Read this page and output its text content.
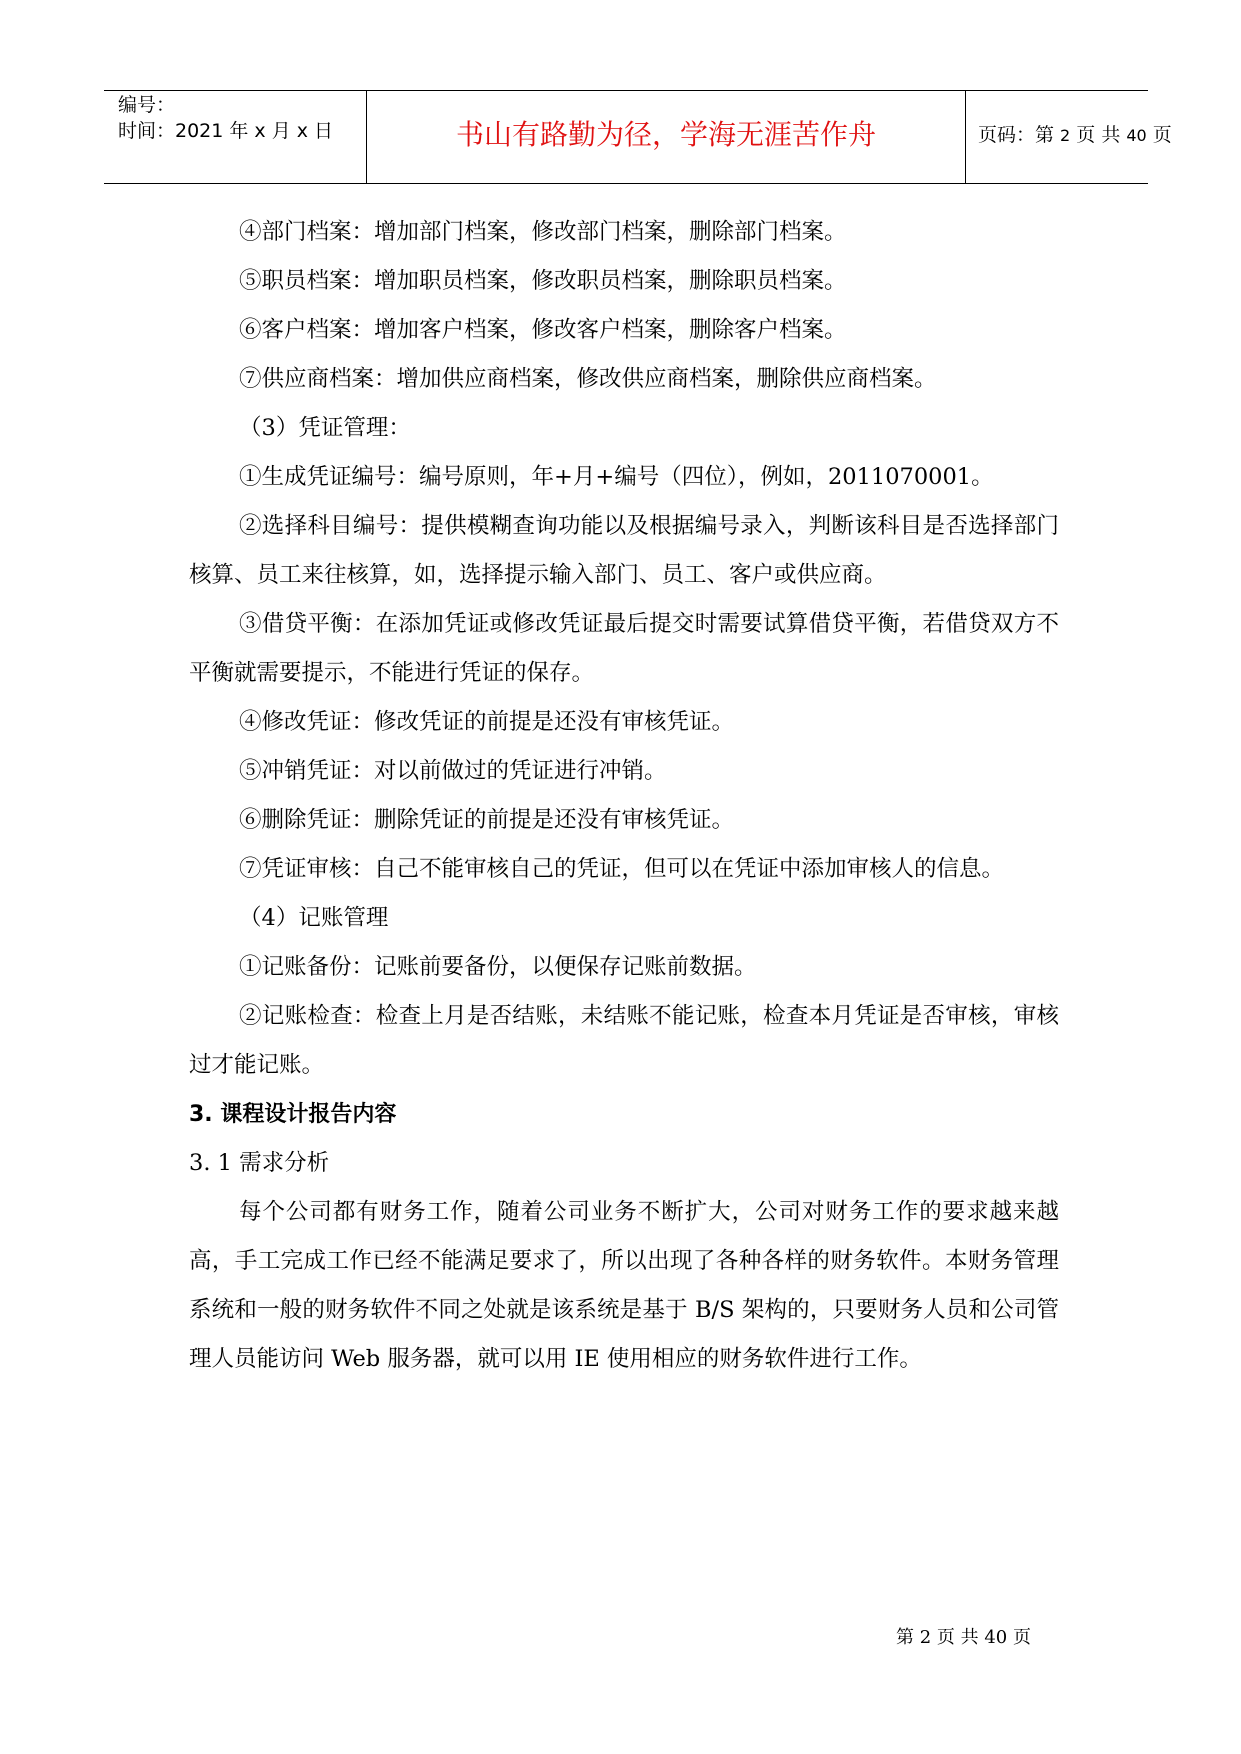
编号：
时间：2021 年 x 月 x 日	书山有路勤为径，学海无涯苦作舟	页码：第 2 页 共 40 页

④部门档案：增加部门档案，修改部门档案，删除部门档案。

⑤职员档案：增加职员档案，修改职员档案，删除职员档案。

⑥客户档案：增加客户档案，修改客户档案，删除客户档案。

⑦供应商档案：增加供应商档案，修改供应商档案，删除供应商档案。

（3）凭证管理：

①生成凭证编号：编号原则，年+月+编号（四位），例如，2011070001。

②选择科目编号：提供模糊查询功能以及根据编号录入，判断该科目是否选择部门核算、员工来往核算，如，选择提示输入部门、员工、客户或供应商。

③借贷平衡：在添加凭证或修改凭证最后提交时需要试算借贷平衡，若借贷双方不平衡就需要提示，不能进行凭证的保存。

④修改凭证：修改凭证的前提是还没有审核凭证。

⑤冲销凭证：对以前做过的凭证进行冲销。

⑥删除凭证：删除凭证的前提是还没有审核凭证。

⑦凭证审核：自己不能审核自己的凭证，但可以在凭证中添加审核人的信息。

（4）记账管理

①记账备份：记账前要备份，以便保存记账前数据。

②记账检查：检查上月是否结账，未结账不能记账，检查本月凭证是否审核，审核过才能记账。

3. 课程设计报告内容

3. 1 需求分析

每个公司都有财务工作，随着公司业务不断扩大，公司对财务工作的要求越来越高，手工完成工作已经不能满足要求了，所以出现了各种各样的财务软件。本财务管理系统和一般的财务软件不同之处就是该系统是基于 B/S 架构的，只要财务人员和公司管理人员能访问 Web 服务器，就可以用 IE 使用相应的财务软件进行工作。

第 2 页 共 40 页
